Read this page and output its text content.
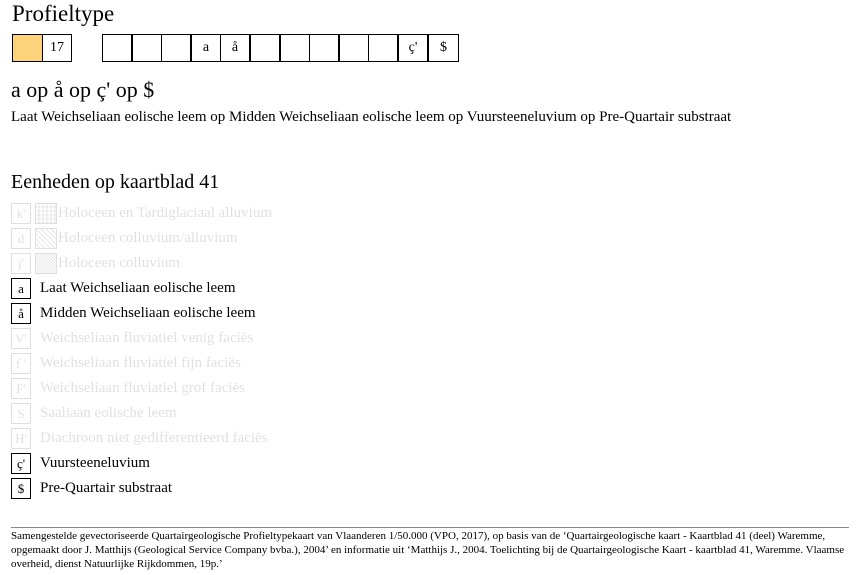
Profieltype
17	a	å	ç'	$
a op å op ç' op $
Laat Weichseliaan eolische leem op Midden Weichseliaan eolische leem op Vuursteeneluvium op Pre-Quartair substraat
Eenheden op kaartblad 41
k'	Holoceen en Tardiglaciaal alluvium
d	Holoceen colluvium/alluvium
j'	Holoceen colluvium
a	Laat Weichseliaan eolische leem
å	Midden Weichseliaan eolische leem
V' Weichseliaan fluviatiel venig faciës
f ' Weichseliaan fluviatiel fijn faciës
F' Weichseliaan fluviatiel grof faciës
S	Saaliaan eolische leem
H' Diachroon niet gedifferentieerd faciës
ç' Vuursteeneluvium
$	Pre-Quartair substraat
Samengestelde gevectoriseerde Quartairgeologische Profieltypekaart van Vlaanderen 1/50.000 (VPO, 2017), op basis van de ‘Quartairgeologische kaart - Kaartblad 41 (deel) Waremme, opgemaakt door J. Matthijs (Geological Service Company bvba.), 2004’ en informatie uit ‘Matthijs J., 2004. Toelichting bij de Quartairgeologische Kaart - kaartblad 41, Waremme. Vlaamse overheid, dienst Natuurlijke Rijkdommen, 19p.’
